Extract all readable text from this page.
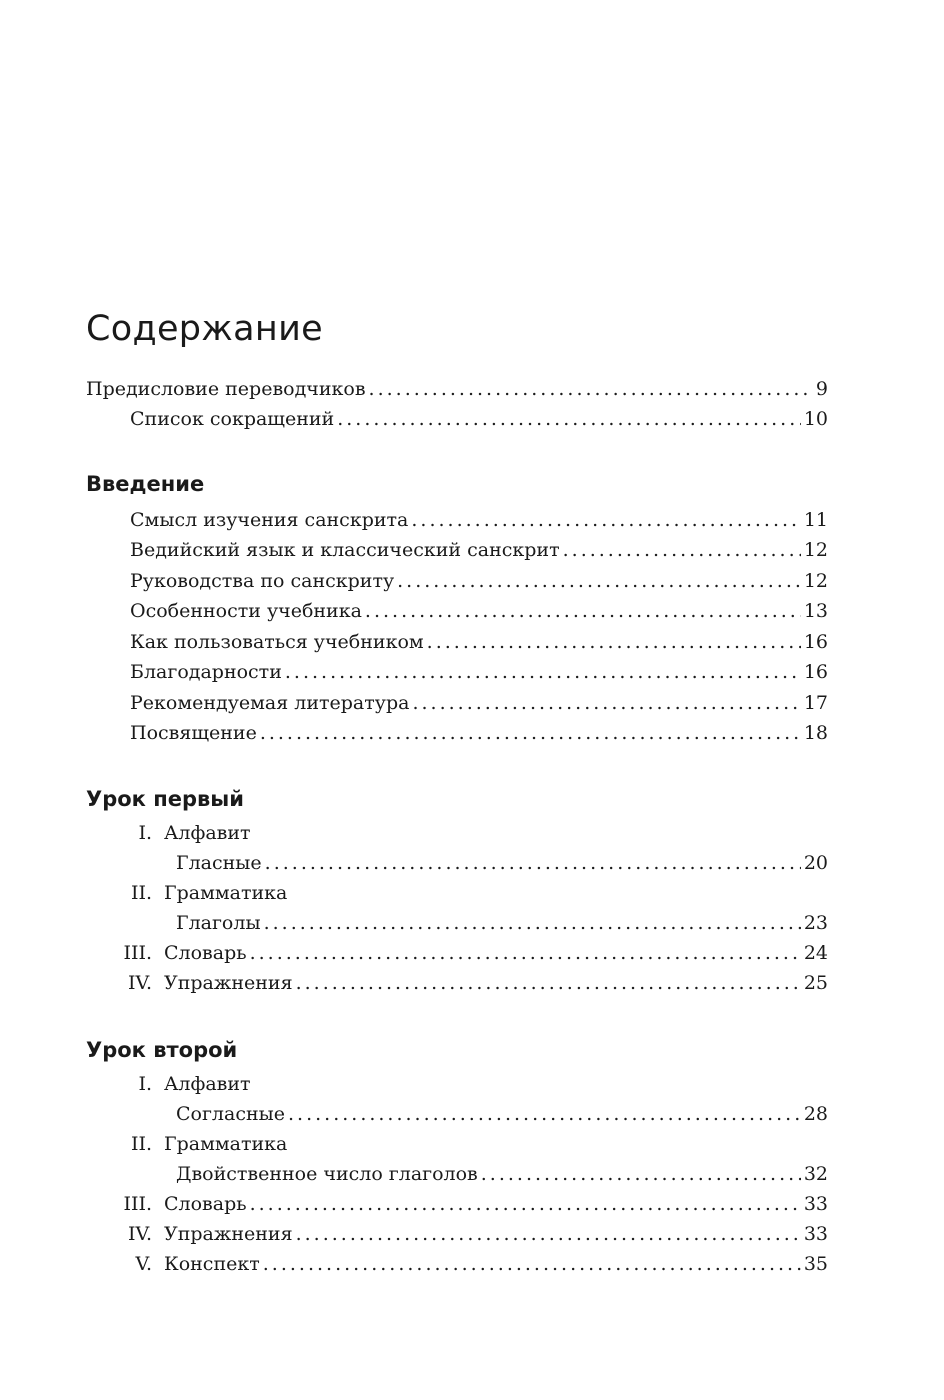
Содержание
Предисловие переводчиков .....	9
Список сокращений .....	10
Введение
Смысл изучения санскрита .....	11
Ведийский язык и классический санскрит .....	12
Руководства по санскриту .....	12
Особенности учебника .....	13
Как пользоваться учебником .....	16
Благодарности .....	16
Рекомендуемая литература .....	17
Посвящение .....	18
Урок первый
I. Алфавит
Гласные .....	20
II. Грамматика
Глаголы .....	23
III. Словарь .....	24
IV. Упражнения .....	25
Урок второй
I. Алфавит
Согласные .....	28
II. Грамматика
Двойственное число глаголов .....	32
III. Словарь .....	33
IV. Упражнения .....	33
V. Конспект .....	35
